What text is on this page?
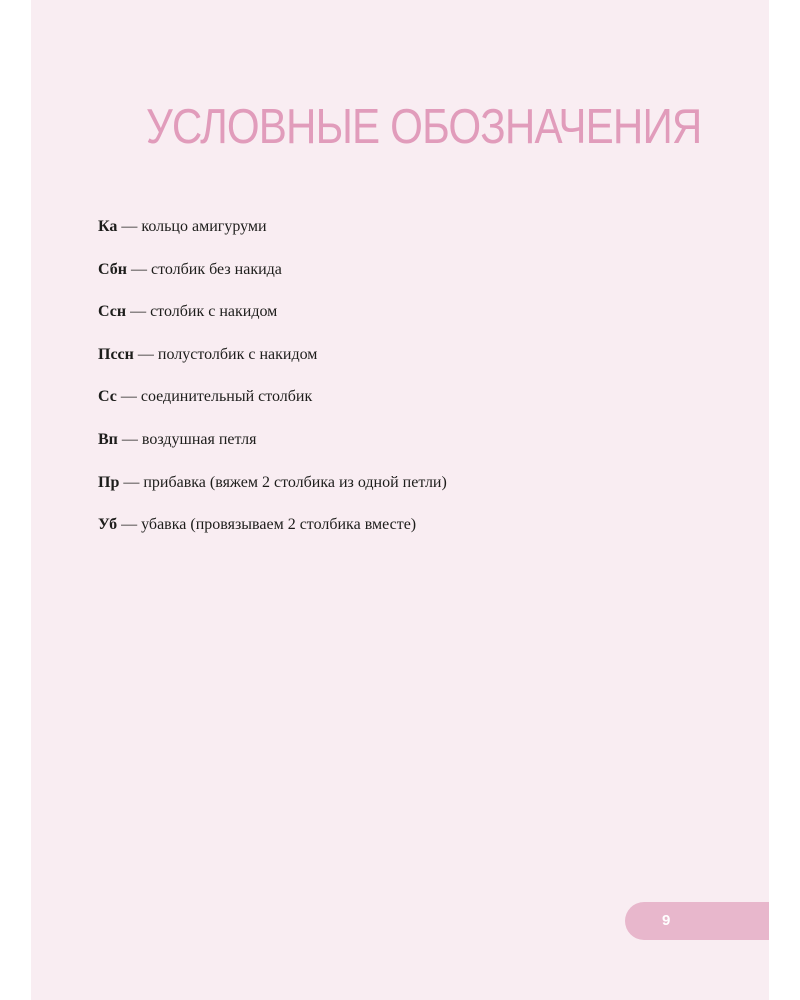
УСЛОВНЫЕ ОБОЗНАЧЕНИЯ
Ка — кольцо амигуруми
Сбн — столбик без накида
Ссн — столбик с накидом
Пссн — полустолбик с накидом
Сс — соединительный столбик
Вп — воздушная петля
Пр — прибавка (вяжем 2 столбика из одной петли)
Уб — убавка (провязываем 2 столбика вместе)
9
